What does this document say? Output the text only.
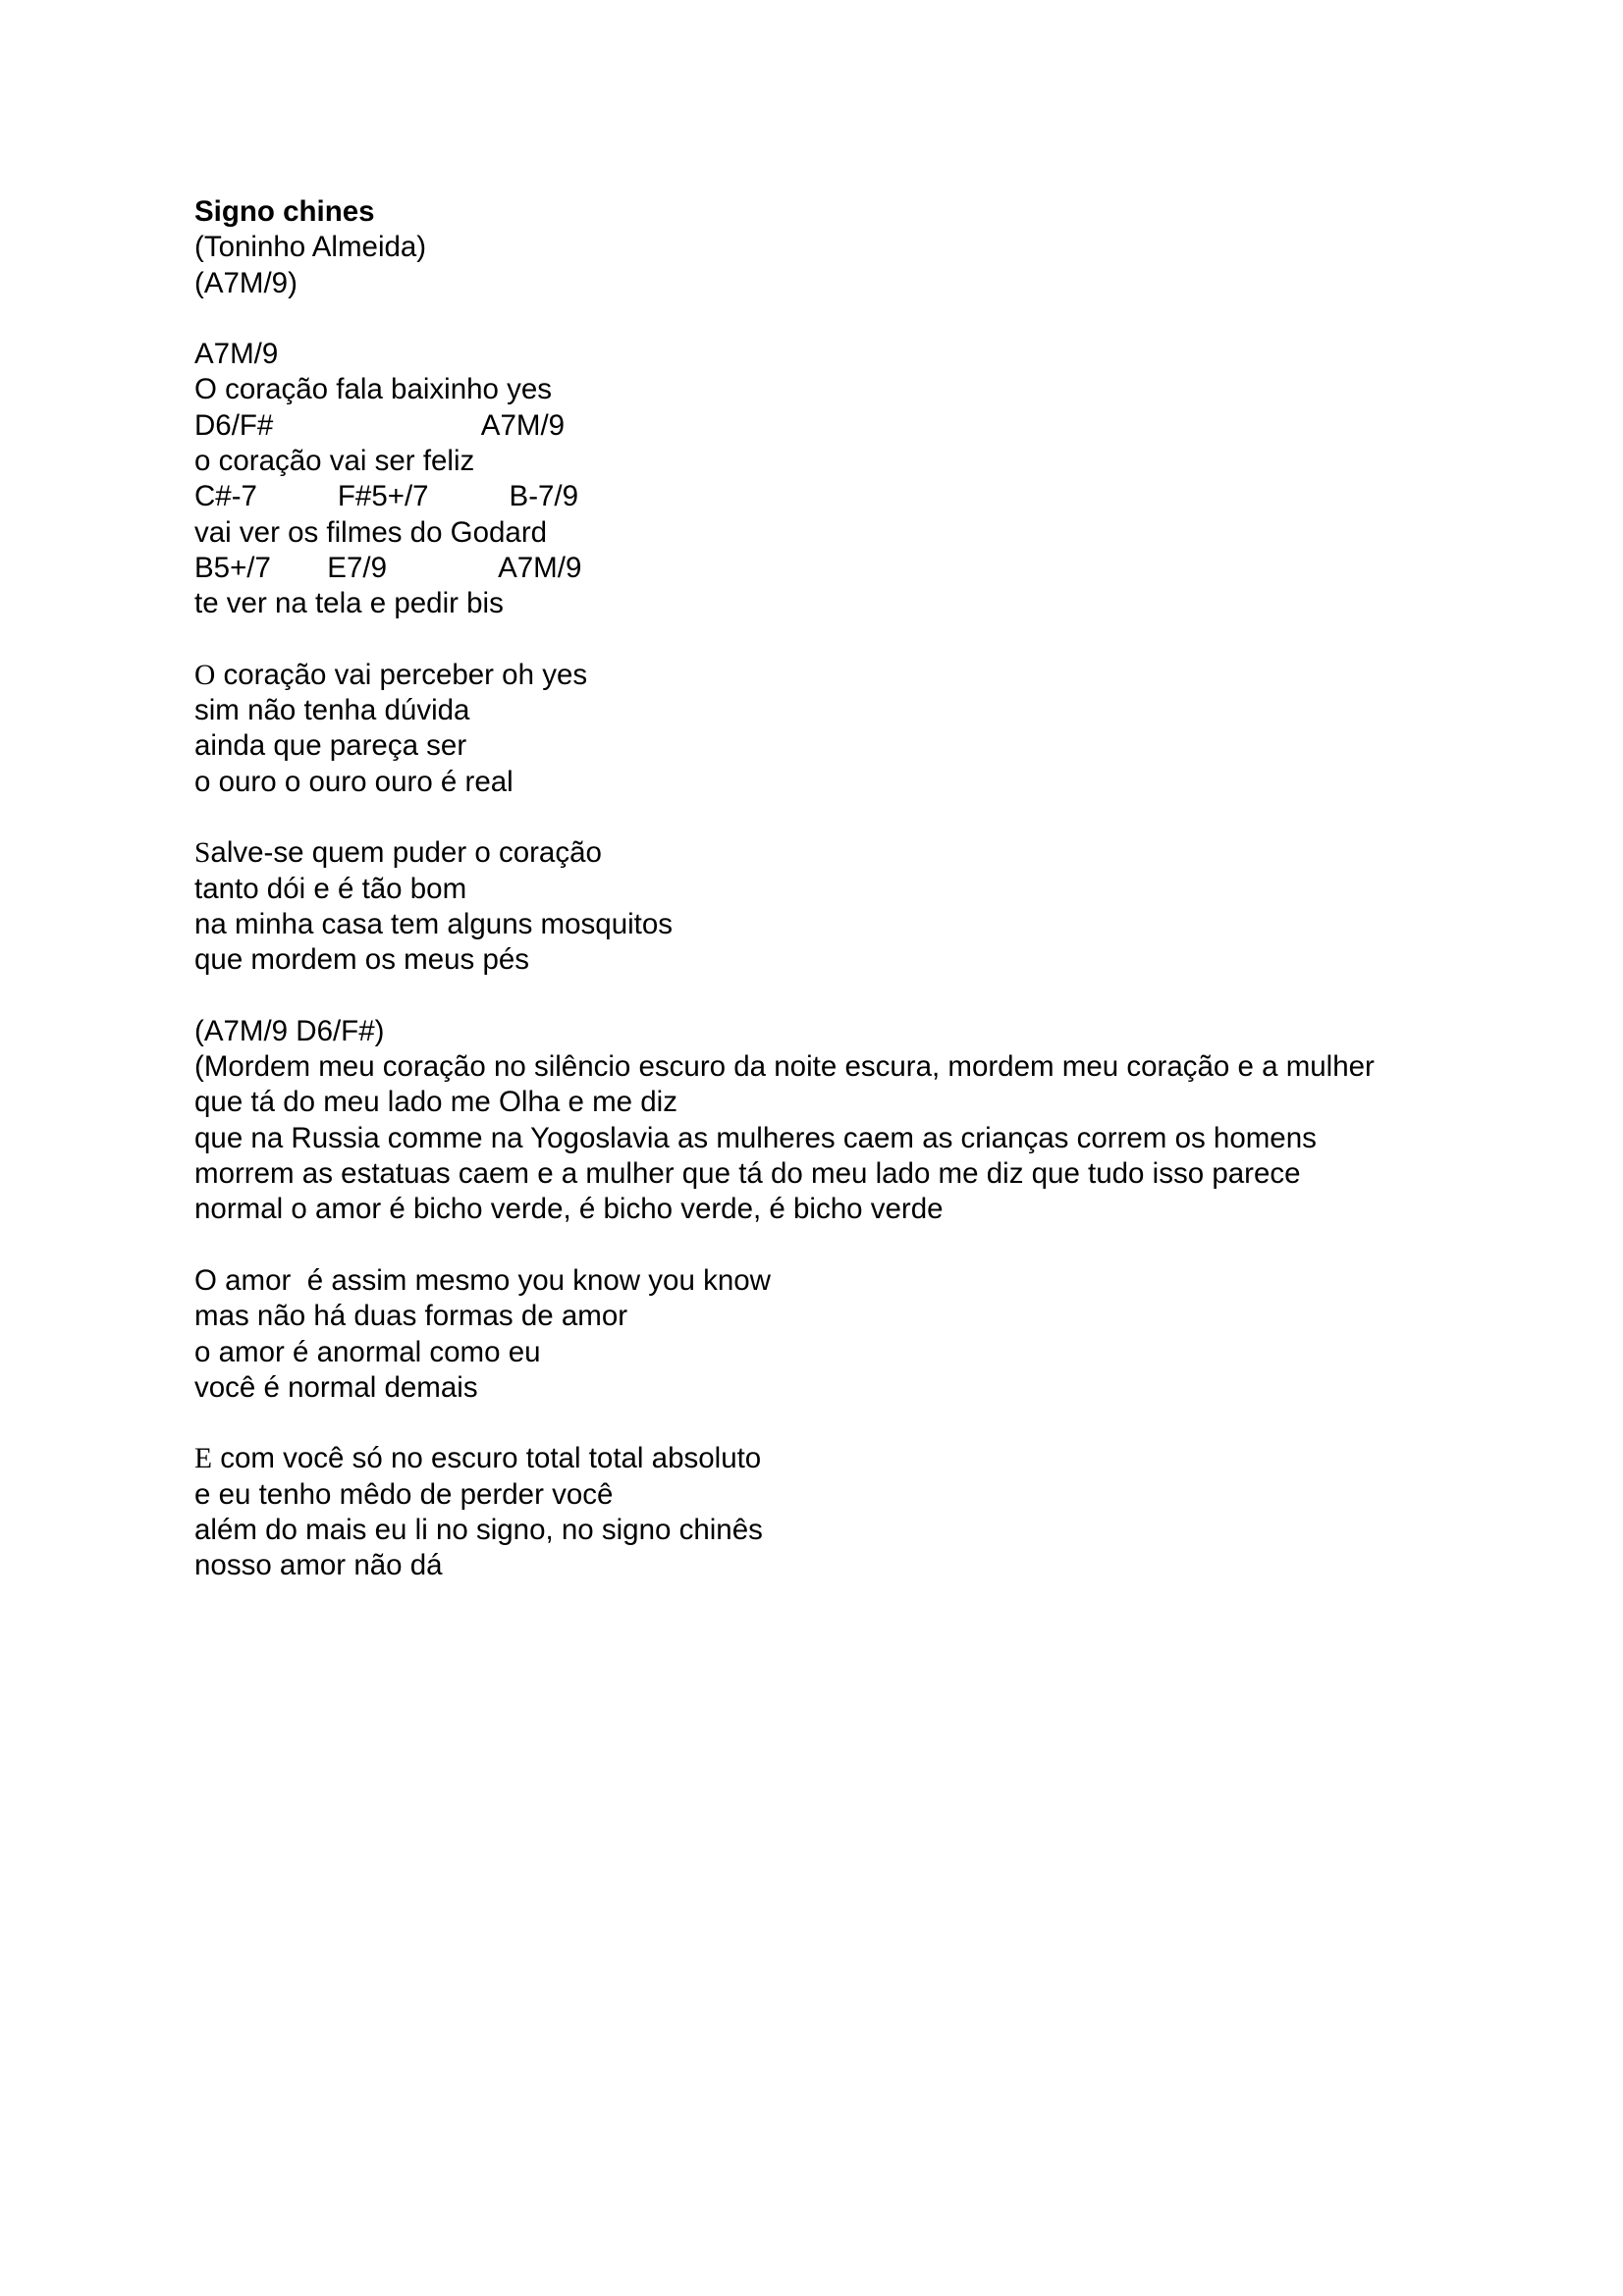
Signo chines
(Toninho Almeida)
(A7M/9)
A7M/9
O coração fala baixinho yes
D6/F#                          A7M/9
o coração vai ser feliz
C#-7          F#5+/7          B-7/9
vai ver os filmes do Godard
B5+/7       E7/9              A7M/9
te ver na tela e pedir bis
O coração vai perceber oh yes
sim não tenha dúvida
ainda que pareça ser
o ouro o ouro ouro é real
Salve-se quem puder o coração
tanto dói e é tão bom
na minha casa tem alguns mosquitos
que mordem os meus pés
(A7M/9 D6/F#)
(Mordem meu coração no silêncio escuro da noite escura, mordem meu coração e a mulher
que tá do meu lado me Olha e me diz
que na Russia comme na Yogoslavia as mulheres caem as crianças correm os homens
morrem as estatuas caem e a mulher que tá do meu lado me diz que tudo isso parece
normal o amor é bicho verde, é bicho verde, é bicho verde
O amor  é assim mesmo you know you know
mas não há duas formas de amor
o amor é anormal como eu
você é normal demais
E com você só no escuro total total absoluto
e eu tenho mêdo de perder você
além do mais eu li no signo, no signo chinês
nosso amor não dá
